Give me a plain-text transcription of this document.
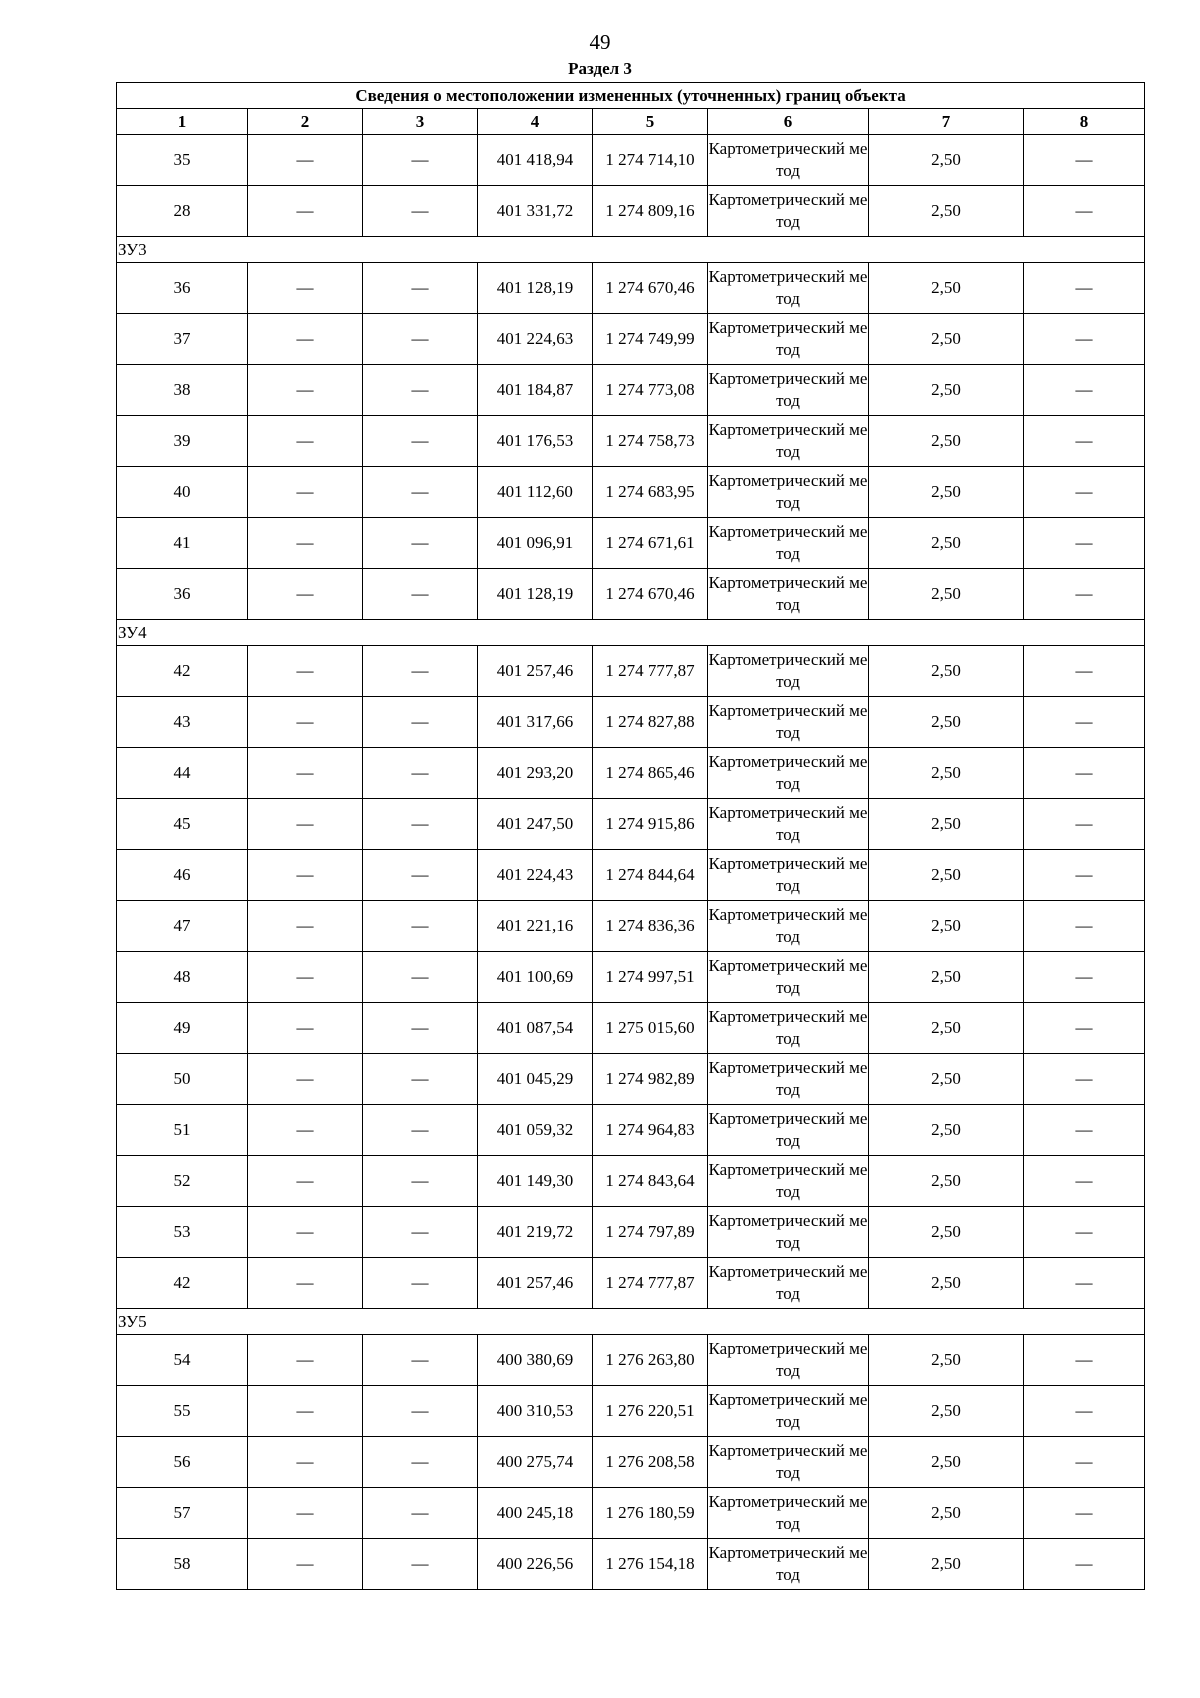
49
Раздел 3
Сведения о местоположении измененных (уточненных) границ объекта							
1	2	3	4	5	6	7	8
35	—	—	401 418,94	1 274 714,10	Картометрический метод	2,50	—
28	—	—	401 331,72	1 274 809,16	Картометрический метод	2,50	—
ЗУ3							
36	—	—	401 128,19	1 274 670,46	Картометрический метод	2,50	—
37	—	—	401 224,63	1 274 749,99	Картометрический метод	2,50	—
38	—	—	401 184,87	1 274 773,08	Картометрический метод	2,50	—
39	—	—	401 176,53	1 274 758,73	Картометрический метод	2,50	—
40	—	—	401 112,60	1 274 683,95	Картометрический метод	2,50	—
41	—	—	401 096,91	1 274 671,61	Картометрический метод	2,50	—
36	—	—	401 128,19	1 274 670,46	Картометрический метод	2,50	—
ЗУ4							
42	—	—	401 257,46	1 274 777,87	Картометрический метод	2,50	—
43	—	—	401 317,66	1 274 827,88	Картометрический метод	2,50	—
44	—	—	401 293,20	1 274 865,46	Картометрический метод	2,50	—
45	—	—	401 247,50	1 274 915,86	Картометрический метод	2,50	—
46	—	—	401 224,43	1 274 844,64	Картометрический метод	2,50	—
47	—	—	401 221,16	1 274 836,36	Картометрический метод	2,50	—
48	—	—	401 100,69	1 274 997,51	Картометрический метод	2,50	—
49	—	—	401 087,54	1 275 015,60	Картометрический метод	2,50	—
50	—	—	401 045,29	1 274 982,89	Картометрический метод	2,50	—
51	—	—	401 059,32	1 274 964,83	Картометрический метод	2,50	—
52	—	—	401 149,30	1 274 843,64	Картометрический метод	2,50	—
53	—	—	401 219,72	1 274 797,89	Картометрический метод	2,50	—
42	—	—	401 257,46	1 274 777,87	Картометрический метод	2,50	—
ЗУ5							
54	—	—	400 380,69	1 276 263,80	Картометрический метод	2,50	—
55	—	—	400 310,53	1 276 220,51	Картометрический метод	2,50	—
56	—	—	400 275,74	1 276 208,58	Картометрический метод	2,50	—
57	—	—	400 245,18	1 276 180,59	Картометрический метод	2,50	—
58	—	—	400 226,56	1 276 154,18	Картометрический метод	2,50	—
